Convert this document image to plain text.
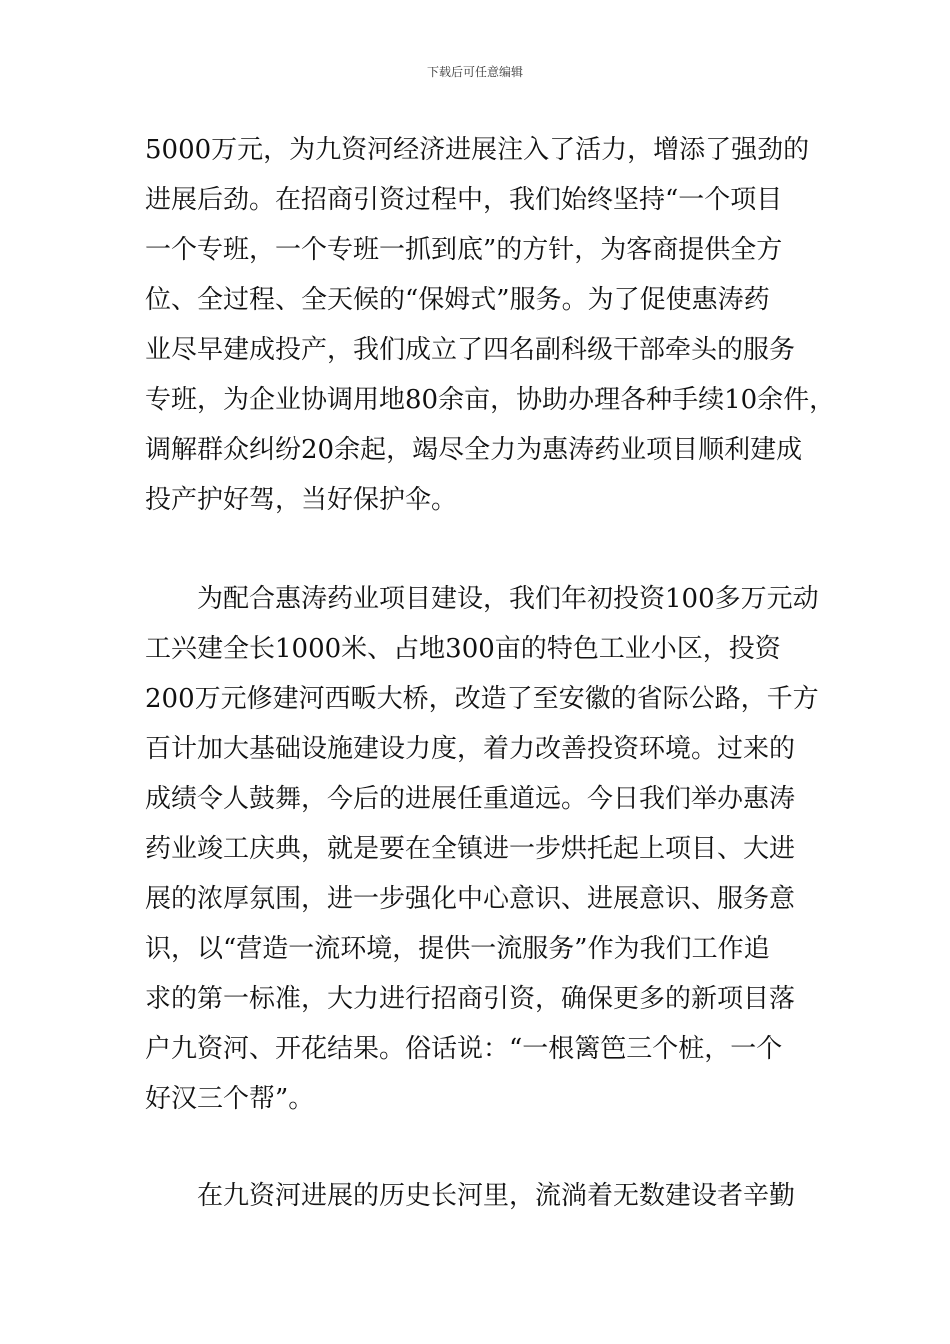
下载后可任意编辑
5000万元，为九资河经济进展注入了活力，增添了强劲的
进展后劲。在招商引资过程中，我们始终坚持“一个项目
一个专班，一个专班一抓到底”的方针，为客商提供全方
位、全过程、全天候的“保姆式”服务。为了促使惠涛药
业尽早建成投产，我们成立了四名副科级干部牵头的服务
专班，为企业协调用地80余亩，协助办理各种手续10余件，
调解群众纠纷20余起，竭尽全力为惠涛药业项目顺利建成
投产护好驾，当好保护伞。
为配合惠涛药业项目建设，我们年初投资100多万元动
工兴建全长1000米、占地300亩的特色工业小区，投资
200万元修建河西畈大桥，改造了至安徽的省际公路，千方
百计加大基础设施建设力度，着力改善投资环境。过来的
成绩令人鼓舞，今后的进展任重道远。今日我们举办惠涛
药业竣工庆典，就是要在全镇进一步烘托起上项目、大进
展的浓厚氛围，进一步强化中心意识、进展意识、服务意
识，以“营造一流环境，提供一流服务”作为我们工作追
求的第一标准，大力进行招商引资，确保更多的新项目落
户九资河、开花结果。俗话说：“一根篱笆三个桩，一个
好汉三个帮”。
在九资河进展的历史长河里，流淌着无数建设者辛勤
